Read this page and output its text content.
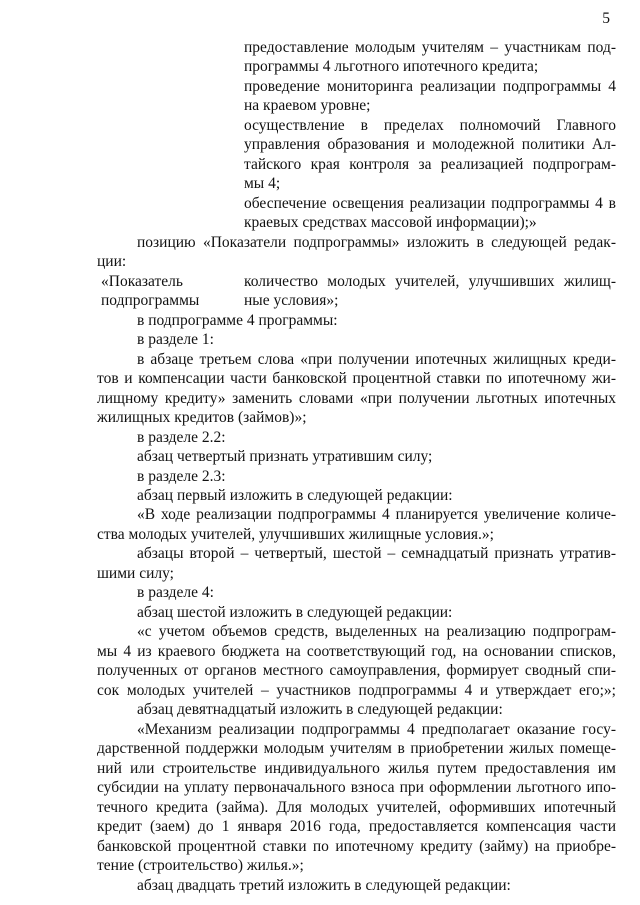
5
предоставление молодым учителям – участникам под-
программы 4 льготного ипотечного кредита;
проведение мониторинга реализации подпрограммы 4
на краевом уровне;
осуществление в пределах полномочий Главного
управления образования и молодежной политики Ал-
тайского края контроля за реализацией подпрограм-
мы 4;
обеспечение освещения реализации подпрограммы 4 в
краевых средствах массовой информации);»
позицию «Показатели подпрограммы» изложить в следующей редак-
ции:
«Показатель
подпрограммы
количество молодых учителей, улучшивших жилищ-
ные условия»;
в подпрограмме 4 программы:
в разделе 1:
в абзаце третьем слова «при получении ипотечных жилищных креди-
тов и компенсации части банковской процентной ставки по ипотечному жи-
лищному кредиту» заменить словами «при получении льготных ипотечных
жилищных кредитов (займов)»;
в разделе 2.2:
абзац четвертый признать утратившим силу;
в разделе 2.3:
абзац первый изложить в следующей редакции:
«В ходе реализации подпрограммы 4 планируется увеличение количе-
ства молодых учителей, улучшивших жилищные условия.»;
абзацы второй – четвертый, шестой – семнадцатый признать утратив-
шими силу;
в разделе 4:
абзац шестой изложить в следующей редакции:
«с учетом объемов средств, выделенных на реализацию подпрограм-
мы 4 из краевого бюджета на соответствующий год, на основании списков,
полученных от органов местного самоуправления, формирует сводный спи-
сок молодых учителей – участников подпрограммы 4 и утверждает его;»;
абзац девятнадцатый изложить в следующей редакции:
«Механизм реализации подпрограммы 4 предполагает оказание госу-
дарственной поддержки молодым учителям в приобретении жилых помеще-
ний или строительстве индивидуального жилья путем предоставления им
субсидии на уплату первоначального взноса при оформлении льготного ипо-
течного кредита (займа). Для молодых учителей, оформивших ипотечный
кредит (заем) до 1 января 2016 года, предоставляется компенсация части
банковской процентной ставки по ипотечному кредиту (займу) на приобре-
тение (строительство) жилья.»;
абзац двадцать третий изложить в следующей редакции:
